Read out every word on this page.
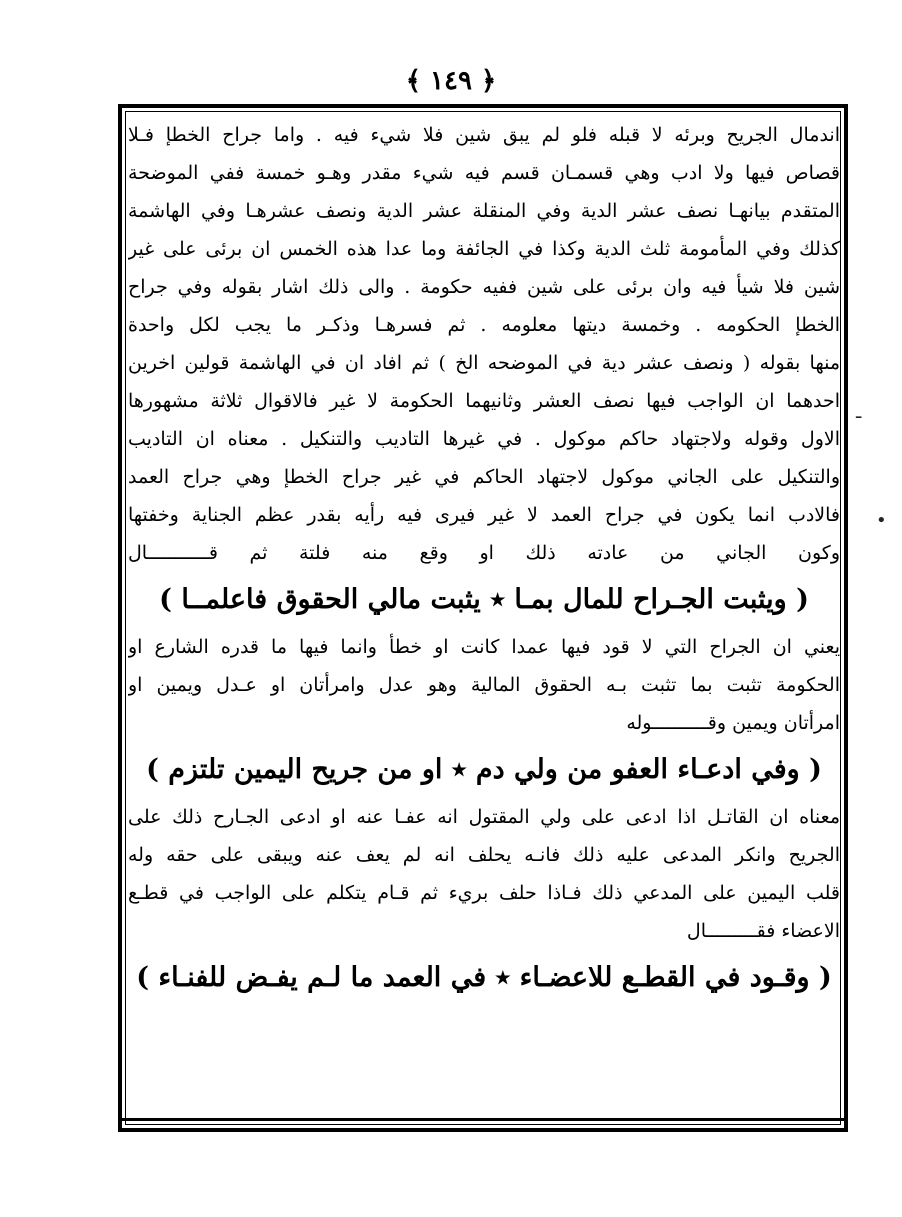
﴿ ١٤٩ ﴾
ـ
•
اندمال الجريح وبرئه لا قبله فلو لم يبق شين فلا شيء فيه . واما جراح الخطإ فـلا
قصاص فيها ولا ادب وهي قسمـان قسم فيه شيء مقدر وهـو خمسة ففي الموضحة
المتقدم بيانهـا نصف عشر الدية وفي المنقلة عشر الدية ونصف عشرهـا وفي الهاشمة
كذلك وفي المأمومة ثلث الدية وكذا في الجائفة وما عدا هذه الخمس ان برئى على غير
شين فلا شيأ فيه وان برئى على شين ففيه حكومة . والى ذلك اشار بقوله وفي جراح
الخطإ الحكومه . وخمسة ديتها معلومه . ثم فسرهـا وذكـر ما يجب لكل واحدة
منها بقوله ( ونصف عشر دية في الموضحه الخ ) ثم افاد ان في الهاشمة قولين اخرين
احدهما ان الواجب فيها نصف العشر وثانيهما الحكومة لا غير فالاقوال ثلاثة مشهورها
الاول وقوله ولاجتهاد حاكم موكول . في غيرها التاديب والتنكيل . معناه ان التاديب
والتنكيل على الجاني موكول لاجتهاد الحاكم في غير جراح الخطإ وهي جراح العمد
فالادب انما يكون في جراح العمد لا غير فيرى فيه رأيه بقدر عظم الجناية وخفتها
وكون الجاني من عادته ذلك او وقع منه فلتة ثم قـــــــــــال
( ويثبت الجـراح للمال بمـا ٭ يثبت مالي الحقوق فاعلمــا )
يعني ان الجراح التي لا قود فيها عمدا كانت او خطأ وانما فيها ما قدره الشارع او
الحكومة تثبت بما تثبت بـه الحقوق المالية وهو عدل وامرأتان او عـدل ويمين او
امرأتان ويمين وقــــــــــوله
( وفي ادعـاء العفو من ولي دم ٭ او من جريح اليمين تلتزم )
معناه ان القاتـل اذا ادعى على ولي المقتول انه عفـا عنه او ادعى الجـارح ذلك على
الجريح وانكر المدعى عليه ذلك فانـه يحلف انه لم يعف عنه ويبقى على حقه وله
قلب اليمين على المدعي ذلك فـاذا حلف بريء ثم قـام يتكلم على الواجب في قطـع
الاعضاء فقـــــــــال
( وقـود في القطـع للاعضـاء ٭ في العمد ما لـم يفـض للفنـاء )
